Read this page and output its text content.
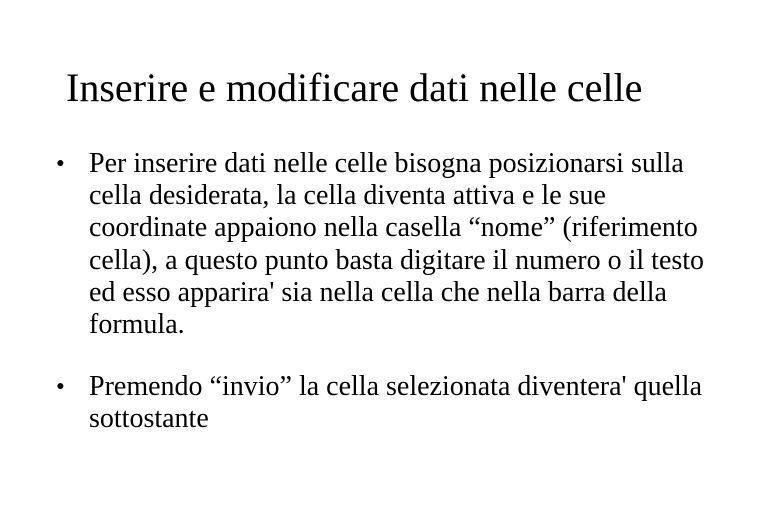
Inserire e modificare dati nelle celle
● Per inserire dati nelle celle bisogna posizionarsi sulla cella desiderata, la cella diventa attiva e le sue coordinate appaiono nella casella “nome” (riferimento cella), a questo punto basta digitare il numero o il testo ed esso apparira' sia nella cella che nella barra della formula.
● Premendo “invio” la cella selezionata diventera' quella sottostante
